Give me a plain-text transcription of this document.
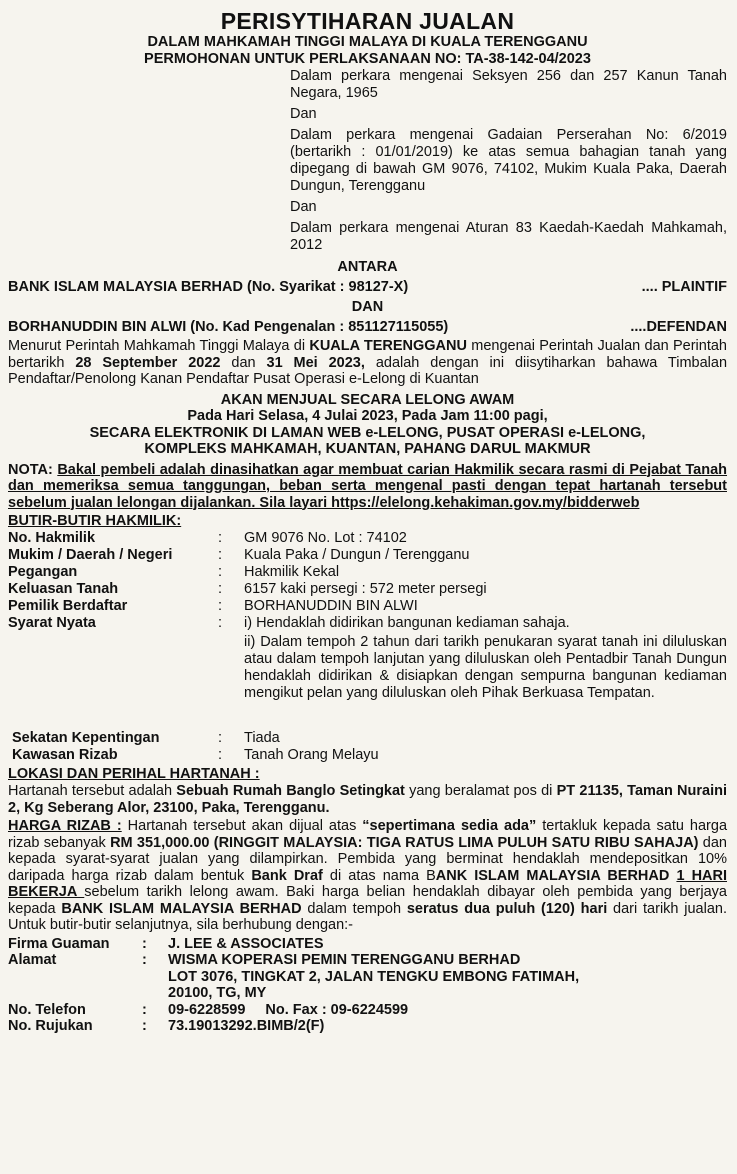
PERISYTIHARAN JUALAN
DALAM MAHKAMAH TINGGI MALAYA DI KUALA TERENGGANU
PERMOHONAN UNTUK PERLAKSANAAN NO: TA-38-142-04/2023

Dalam perkara mengenai Seksyen 256 dan 257 Kanun Tanah Negara, 1965

Dan

Dalam perkara mengenai Gadaian Perserahan No: 6/2019 (bertarikh : 01/01/2019) ke atas semua bahagian tanah yang dipegang di bawah GM 9076, 74102, Mukim Kuala Paka, Daerah Dungun, Terengganu

Dan

Dalam perkara mengenai Aturan 83 Kaedah-Kaedah Mahkamah, 2012

ANTARA
BANK ISLAM MALAYSIA BERHAD (No. Syarikat : 98127-X)	.... PLAINTIF
DAN
BORHANUDDIN BIN ALWI (No. Kad Pengenalan : 851127115055)	....DEFENDAN
Menurut Perintah Mahkamah Tinggi Malaya di KUALA TERENGGANU mengenai Perintah Jualan dan Perintah bertarikh 28 September 2022 dan 31 Mei 2023, adalah dengan ini diisytiharkan bahawa Timbalan Pendaftar/Penolong Kanan Pendaftar Pusat Operasi e-Lelong di Kuantan
AKAN MENJUAL SECARA LELONG AWAM
Pada Hari Selasa, 4 Julai 2023, Pada Jam 11:00 pagi,
SECARA ELEKTRONIK DI LAMAN WEB e-LELONG, PUSAT OPERASI e-LELONG,
KOMPLEKS MAHKAMAH, KUANTAN, PAHANG DARUL MAKMUR
NOTA: Bakal pembeli adalah dinasihatkan agar membuat carian Hakmilik secara rasmi di Pejabat Tanah dan memeriksa semua tanggungan, beban serta mengenal pasti dengan tepat hartanah tersebut sebelum jualan lelongan dijalankan. Sila layari https://elelong.kehakiman.gov.my/bidderweb
BUTIR-BUTIR HAKMILIK:
No. Hakmilik	:	GM 9076 No. Lot : 74102
Mukim / Daerah / Negeri	:	Kuala Paka / Dungun / Terengganu
Pegangan	:	Hakmilik Kekal
Keluasan Tanah	:	6157 kaki persegi : 572 meter persegi
Pemilik Berdaftar	:	BORHANUDDIN BIN ALWI
Syarat Nyata	:	i) Hendaklah didirikan bangunan kediaman sahaja.

ii) Dalam tempoh 2 tahun dari tarikh penukaran syarat tanah ini diluluskan atau dalam tempoh lanjutan yang diluluskan oleh Pentadbir Tanah Dungun hendaklah didirikan & disiapkan dengan sempurna bangunan kediaman mengikut pelan yang diluluskan oleh Pihak Berkuasa Tempatan.

Sekatan Kepentingan	:	Tiada
Kawasan Rizab	:	Tanah Orang Melayu
LOKASI DAN PERIHAL HARTANAH :
Hartanah tersebut adalah Sebuah Rumah Banglo Setingkat yang beralamat pos di PT 21135, Taman Nuraini 2, Kg Seberang Alor, 23100, Paka, Terengganu.
HARGA RIZAB : Hartanah tersebut akan dijual atas “sepertimana sedia ada” tertakluk kepada satu harga rizab sebanyak RM 351,000.00 (RINGGIT MALAYSIA: TIGA RATUS LIMA PULUH SATU RIBU SAHAJA) dan kepada syarat-syarat jualan yang dilampirkan. Pembida yang berminat hendaklah mendepositkan 10% daripada harga rizab dalam bentuk Bank Draf di atas nama BANK ISLAM MALAYSIA BERHAD 1 HARI BEKERJA sebelum tarikh lelong awam. Baki harga belian hendaklah dibayar oleh pembida yang berjaya kepada BANK ISLAM MALAYSIA BERHAD dalam tempoh seratus dua puluh (120) hari dari tarikh jualan. Untuk butir-butir selanjutnya, sila berhubung dengan:-
Firma Guaman	:	J. LEE & ASSOCIATES
Alamat	:	WISMA KOPERASI PEMIN TERENGGANU BERHAD
LOT 3076, TINGKAT 2, JALAN TENGKU EMBONG FATIMAH,
20100, TG, MY

No. Telefon	:	09-6228599 No. Fax : 09-6224599
No. Rujukan	:	73.19013292.BIMB/2(F)
